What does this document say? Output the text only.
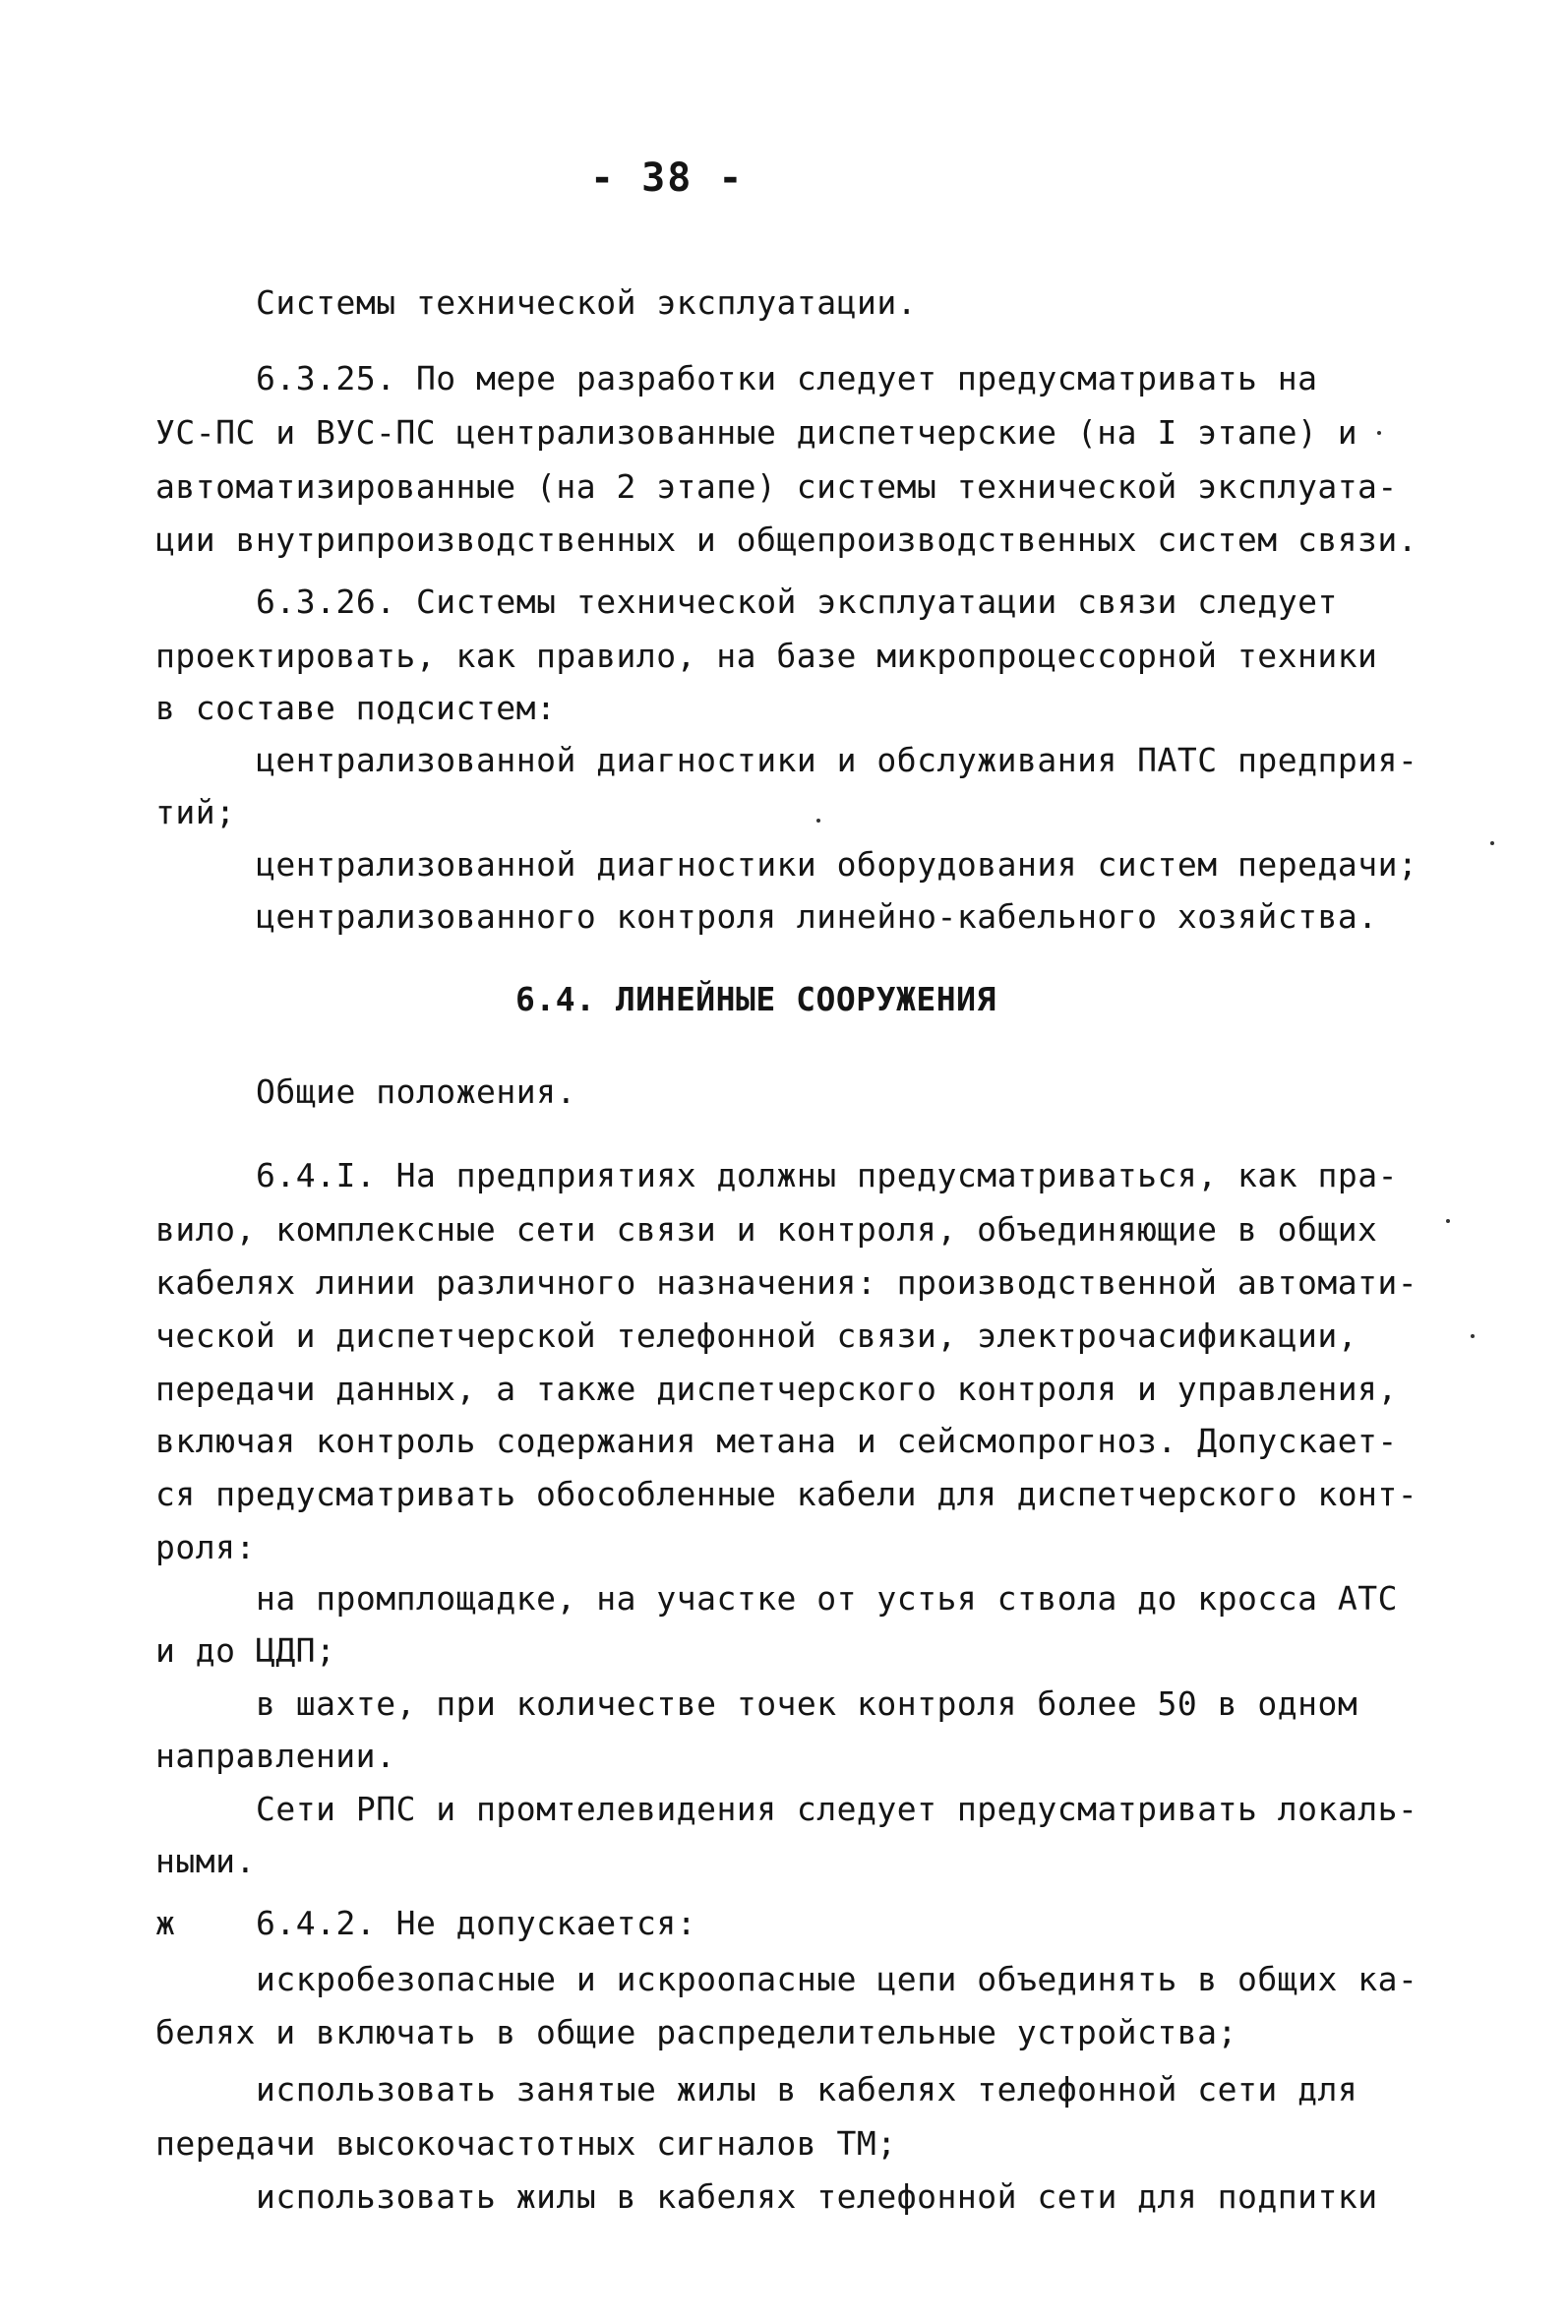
- 38 -
Системы технической эксплуатации.
6.3.25. По мере разработки следует предусматривать на
УС-ПС и ВУС-ПС централизованные диспетчерские (на I этапе) и
автоматизированные (на 2 этапе) системы технической эксплуата-
ции внутрипроизводственных и общепроизводственных систем связи.
6.3.26. Системы технической эксплуатации связи следует
проектировать, как правило, на базе микропроцессорной техники
в составе подсистем:
централизованной диагностики и обслуживания ПАТС предприя-
тий;
централизованной диагностики оборудования систем передачи;
централизованного контроля линейно-кабельного хозяйства.
6.4. ЛИНЕЙНЫЕ СООРУЖЕНИЯ
Общие положения.
6.4.I. На предприятиях должны предусматриваться, как пра-
вило, комплексные сети связи и контроля, объединяющие в общих
кабелях линии различного назначения: производственной автомати-
ческой и диспетчерской телефонной связи, электрочасификации,
передачи данных, а также диспетчерского контроля и управления,
включая контроль содержания метана и сейсмопрогноз. Допускает-
ся предусматривать обособленные кабели для диспетчерского конт-
роля:
на промплощадке, на участке от устья ствола до кросса АТС
и до ЦДП;
в шахте, при количестве точек контроля более 50 в одном
направлении.
Сети РПС и промтелевидения следует предусматривать локаль-
ными.
ж 6.4.2. Не допускается:
искробезопасные и искроопасные цепи объединять в общих ка-
белях и включать в общие распределительные устройства;
использовать занятые жилы в кабелях телефонной сети для
передачи высокочастотных сигналов ТМ;
использовать жилы в кабелях телефонной сети для подпитки
